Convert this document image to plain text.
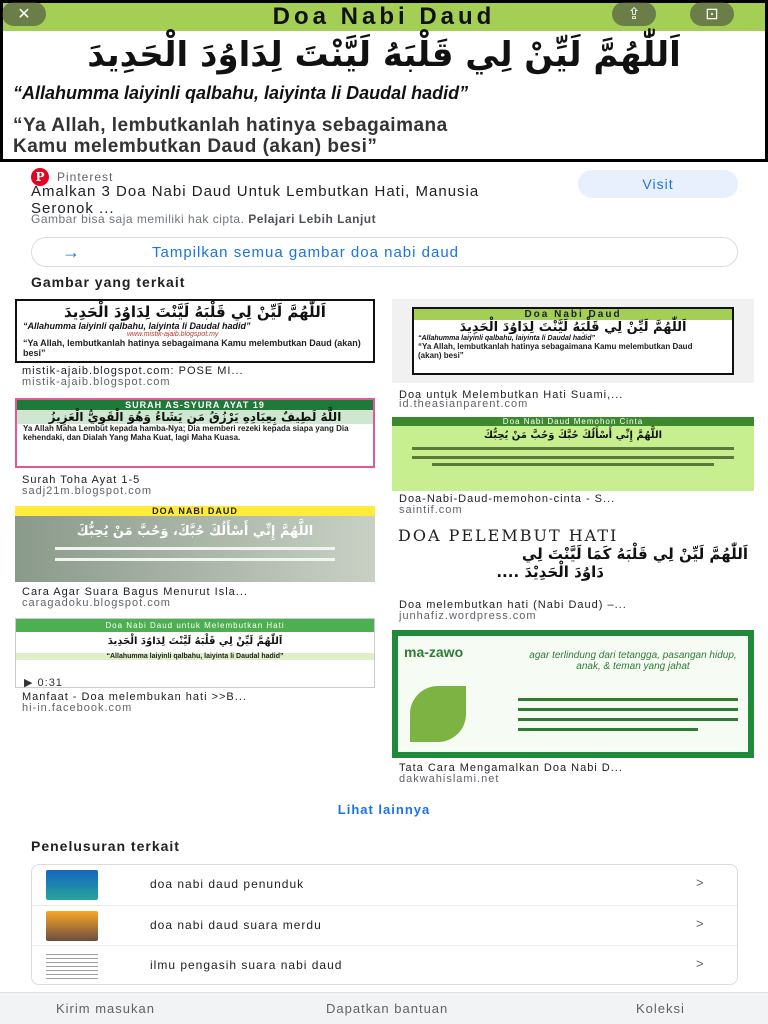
Doa Nabi Daud
اَللّٰهُمَّ لَيِّنْ لِي قَلْبَهُ لَيَّنْتَ لِدَاوُدَ الْحَدِيدَ
“Allahumma laiyinli qalbahu, laiyinta li Daudal hadid”
“Ya Allah, lembutkanlah hatinya sebagaimana
Kamu melembutkan Daud (akan) besi”
✕	⇪	⊡
P	Pinterest
Amalkan 3 Doa Nabi Daud Untuk Lembutkan Hati, Manusia Seronok ...
Gambar bisa saja memiliki hak cipta. Pelajari Lebih Lanjut
Visit
→	Tampilkan semua gambar doa nabi daud
Gambar yang terkait
اَللّٰهُمَّ لَيِّنْ لِي قَلْبَهُ لَيَّنْتَ لِدَاوُدَ الْحَدِيدَ
“Allahumma laiyinli qalbahu, laiyinta li Daudal hadid”
www.mistik-ajaib.blogspot.my
“Ya Allah, lembutkanlah hatinya sebagaimana Kamu melembutkan Daud (akan) besi”
mistik-ajaib.blogspot.com: POSE MI...
mistik-ajaib.blogspot.com
Doa Nabi Daud
اَللّٰهُمَّ لَيِّنْ لِي قَلْبَهُ لَيَّنْتَ لِدَاوُدَ الْحَدِيدَ
“Allahumma laiyinli qalbahu, laiyinta li Daudal hadid”
“Ya Allah, lembutkanlah hatinya sebagaimana Kamu melembutkan Daud (akan) besi”
Doa untuk Melembutkan Hati Suami,...
id.theasianparent.com
SURAH AS-SYURA AYAT 19
اللَّهُ لَطِيفٌ بِعِبَادِهِ يَرْزُقُ مَن يَشَاءُ وَهُوَ الْقَوِيُّ الْعَزِيزُ
Ya Allah Maha Lembut kepada hamba-Nya; Dia memberi rezeki kepada siapa yang Dia kehendaki, dan Dialah Yang Maha Kuat, lagi Maha Kuasa.
Surah Toha Ayat 1-5
sadj21m.blogspot.com
Doa Nabi Daud Memohon Cinta
اللَّهُمَّ إِنِّي أَسْأَلُكَ حُبَّكَ وَحُبَّ مَنْ يُحِبُّكَ
Doa-Nabi-Daud-memohon-cinta - S...
saintif.com
DOA NABI DAUD
اللَّهُمَّ إِنِّي أَسْأَلُكَ حُبَّكَ، وَحُبَّ مَنْ يُحِبُّكَ
Cara Agar Suara Bagus Menurut Isla...
caragadoku.blogspot.com
DOA PELEMBUT HATI
اَللّٰهُمَّ لَيِّنْ لِي قَلْبَهُ كَمَا لَيَّنْتَ لِي
دَاوُدَ الْحَدِيْدَ ....
Doa melembutkan hati (Nabi Daud) –...
junhafiz.wordpress.com
Doa Nabi Daud untuk Melembutkan Hati
اَللّٰهُمَّ لَيِّنْ لِي قَلْبَهُ لَيَّنْتَ لِدَاوُدَ الْحَدِيدَ
“Allahumma laiyinli qalbahu, laiyinta li Daudal hadid”
▶ 0:31
Manfaat - Doa melembukan hati >>B...
hi-in.facebook.com
ma-zawo	agar terlindung dari tetangga, pasangan hidup, anak, & teman yang jahat
Tata Cara Mengamalkan Doa Nabi D...
dakwahislami.net
Lihat lainnya
Penelusuran terkait
doa nabi daud penunduk	>
doa nabi daud suara merdu	>
ilmu pengasih suara nabi daud	>
Kirim masukan	Dapatkan bantuan	Koleksi
